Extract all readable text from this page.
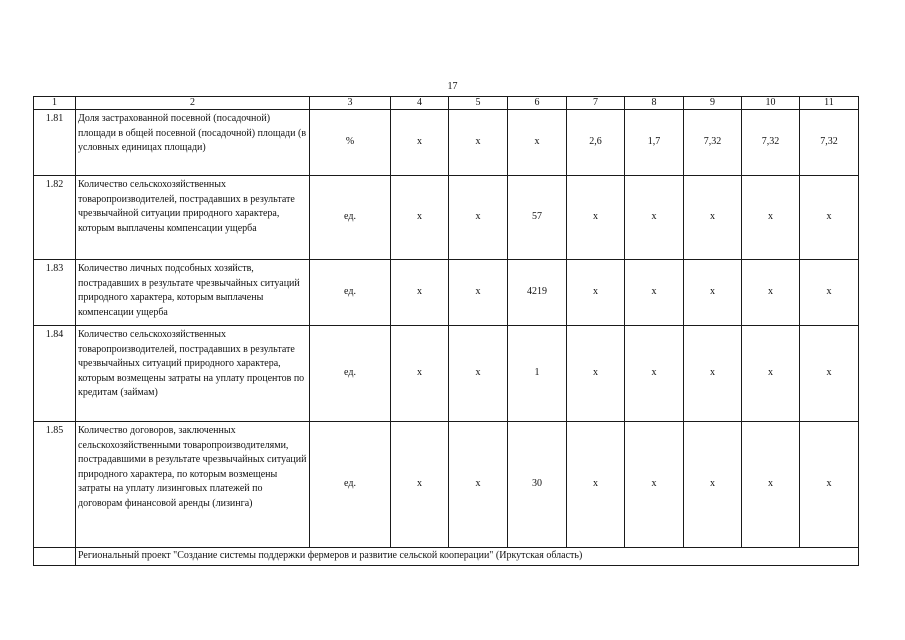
17
1	2	3	4	5	6	7	8	9	10	11
1.81	Доля застрахованной посевной (посадочной) площади в общей посевной (посадочной) площади (в условных единицах площади)	%	x	x	x	2,6	1,7	7,32	7,32	7,32
1.82	Количество сельскохозяйственных товаропроизводителей, пострадавших в результате чрезвычайной ситуации природного характера, которым выплачены компенсации ущерба	ед.	x	x	57	x	x	x	x	x
1.83	Количество личных подсобных хозяйств, пострадавших в результате чрезвычайных ситуаций природного характера, которым выплачены компенсации ущерба	ед.	x	x	4219	x	x	x	x	x
1.84	Количество сельскохозяйственных товаропроизводителей, пострадавших в результате чрезвычайных ситуаций природного характера, которым возмещены затраты на уплату процентов по кредитам (займам)	ед.	x	x	1	x	x	x	x	x
1.85	Количество договоров, заключенных сельскохозяйственными товаропроизводителями, пострадавшими в результате чрезвычайных ситуаций природного характера, по которым возмещены затраты на уплату лизинговых платежей по договорам финансовой аренды (лизинга)	ед.	x	x	30	x	x	x	x	x
	Региональный проект "Создание системы поддержки фермеров и развитие сельской кооперации" (Иркутская область)									
